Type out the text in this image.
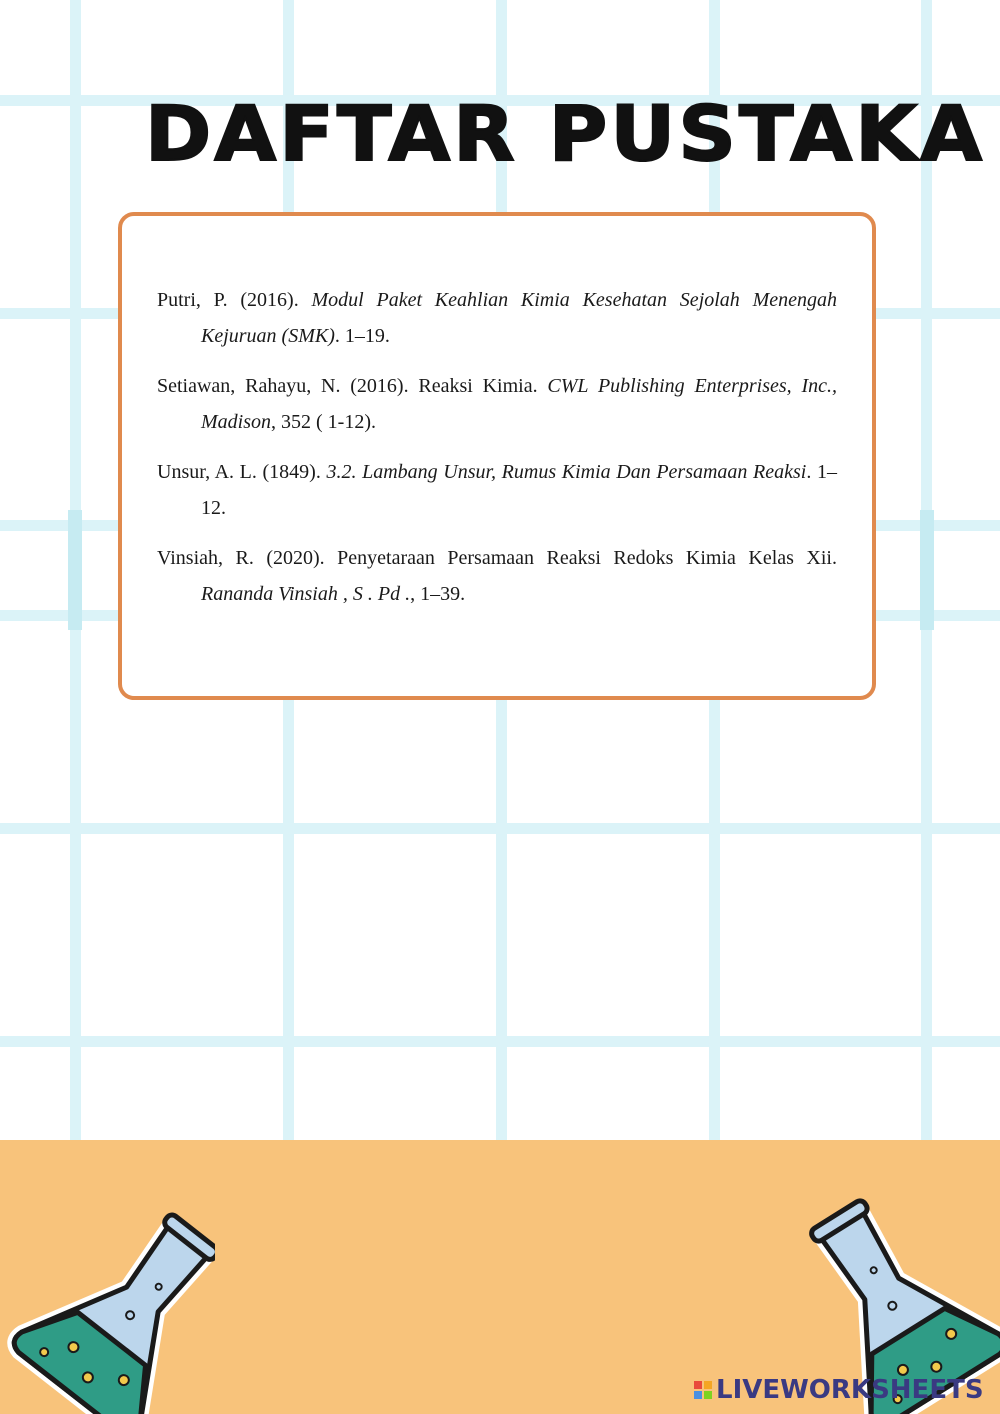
DAFTAR PUSTAKA

Putri, P. (2016). Modul Paket Keahlian Kimia Kesehatan Sejolah Menengah Kejuruan (SMK). 1–19.

Setiawan, Rahayu, N. (2016). Reaksi Kimia. CWL Publishing Enterprises, Inc., Madison, 352 ( 1-12).

Unsur, A. L. (1849). 3.2. Lambang Unsur, Rumus Kimia Dan Persamaan Reaksi. 1–12.

Vinsiah, R. (2020). Penyetaraan Persamaan Reaksi Redoks Kimia Kelas Xii. Rananda Vinsiah , S . Pd ., 1–39.

LIVEWORKSHEETS
